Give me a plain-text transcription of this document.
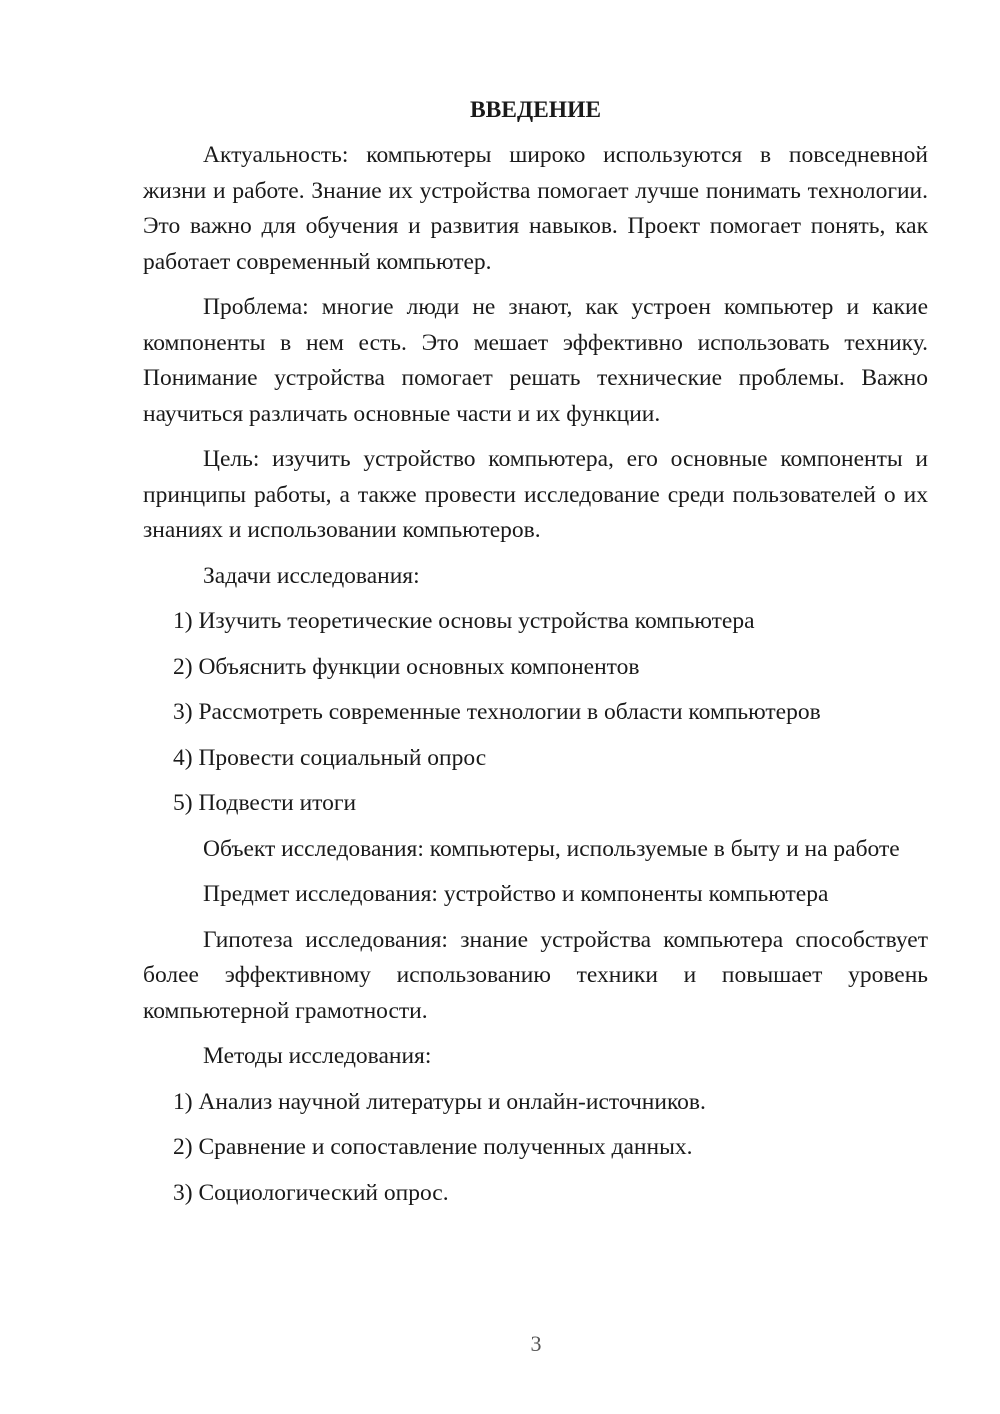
ВВЕДЕНИЕ

Актуальность: компьютеры широко используются в повседневной жизни и работе. Знание их устройства помогает лучше понимать технологии. Это важно для обучения и развития навыков. Проект помогает понять, как работает современный компьютер.

Проблема: многие люди не знают, как устроен компьютер и какие компоненты в нем есть. Это мешает эффективно использовать технику. Понимание устройства помогает решать технические проблемы. Важно научиться различать основные части и их функции.

Цель: изучить устройство компьютера, его основные компоненты и принципы работы, а также провести исследование среди пользователей о их знаниях и использовании компьютеров.

Задачи исследования:

1) Изучить теоретические основы устройства компьютера

2) Объяснить функции основных компонентов

3) Рассмотреть современные технологии в области компьютеров

4) Провести социальный опрос

5) Подвести итоги

Объект исследования: компьютеры, используемые в быту и на работе

Предмет исследования: устройство и компоненты компьютера

Гипотеза исследования: знание устройства компьютера способствует более эффективному использованию техники и повышает уровень компьютерной грамотности.

Методы исследования:

1) Анализ научной литературы и онлайн-источников.

2) Сравнение и сопоставление полученных данных.

3) Социологический опрос.

3
